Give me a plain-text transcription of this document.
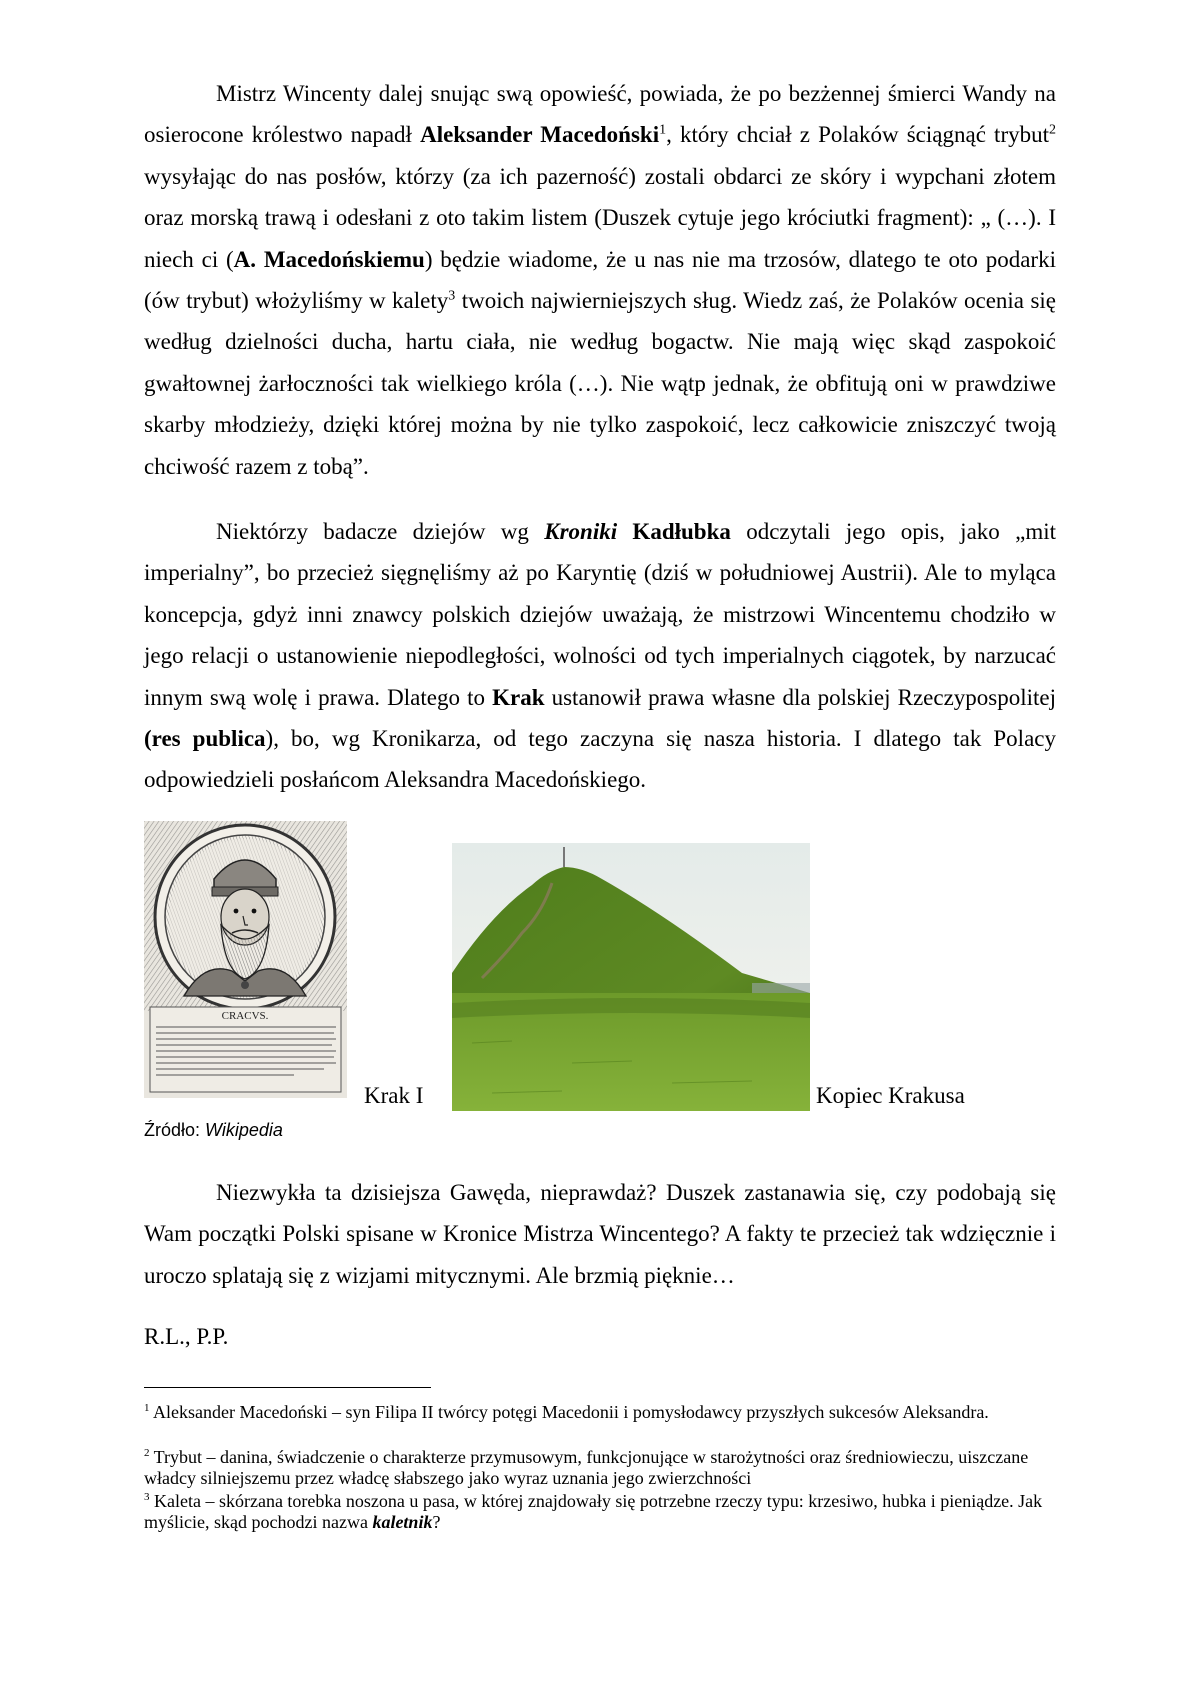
Mistrz Wincenty dalej snując swą opowieść, powiada, że po bezżennej śmierci Wandy na osierocone królestwo napadł Aleksander Macedoński$^1$, który chciał z Polaków ściągnąć trybut$^2$ wysyłając do nas posłów, którzy (za ich pazerność) zostali obdarci ze skóry i wypchani złotem oraz morską trawą i odesłani z oto takim listem (Duszek cytuje jego króciutki fragment): „ (…). I niech ci (A. Macedońskiemu) będzie wiadome, że u nas nie ma trzosów, dlatego te oto podarki (ów trybut) włożyliśmy w kalety$^3$ twoich najwierniejszych sług. Wiedz zaś, że Polaków ocenia się według dzielności ducha, hartu ciała, nie według bogactw. Nie mają więc skąd zaspokoić gwałtownej żarłoczności tak wielkiego króla (…). Nie wątp jednak, że obfitują oni w prawdziwe skarby młodzieży, dzięki której można by nie tylko zaspokoić, lecz całkowicie zniszczyć twoją chciwość razem z tobą”.

Niektórzy badacze dziejów wg Kroniki Kadłubka odczytali jego opis, jako „mit imperialny”, bo przecież sięgnęliśmy aż po Karyntię (dziś w południowej Austrii). Ale to myląca koncepcja, gdyż inni znawcy polskich dziejów uważają, że mistrzowi Wincentemu chodziło w jego relacji o ustanowienie niepodległości, wolności od tych imperialnych ciągotek, by narzucać innym swą wolę i prawa. Dlatego to Krak ustanowił prawa własne dla polskiej Rzeczypospolitej (res publica), bo, wg Kronikarza, od tego zaczyna się nasza historia. I dlatego tak Polacy odpowiedzieli posłańcom Aleksandra Macedońskiego.

CRACVS.
Krak I	Kopiec Krakusa
Źródło: Wikipedia

Niezwykła ta dzisiejsza Gawęda, nieprawdaż? Duszek zastanawia się, czy podobają się Wam początki Polski spisane w Kronice Mistrza Wincentego? A fakty te przecież tak wdzięcznie i uroczo splatają się z wizjami mitycznymi. Ale brzmią pięknie…

R.L., P.P.

$^1$ Aleksander Macedoński – syn Filipa II twórcy potęgi Macedonii i pomysłodawcy przyszłych sukcesów Aleksandra.

$^2$ Trybut – danina, świadczenie o charakterze przymusowym, funkcjonujące w starożytności oraz średniowieczu, uiszczane władcy silniejszemu przez władcę słabszego jako wyraz uznania jego zwierzchności

$^3$ Kaleta – skórzana torebka noszona u pasa, w której znajdowały się potrzebne rzeczy typu: krzesiwo, hubka i pieniądze. Jak myślicie, skąd pochodzi nazwa kaletnik?
